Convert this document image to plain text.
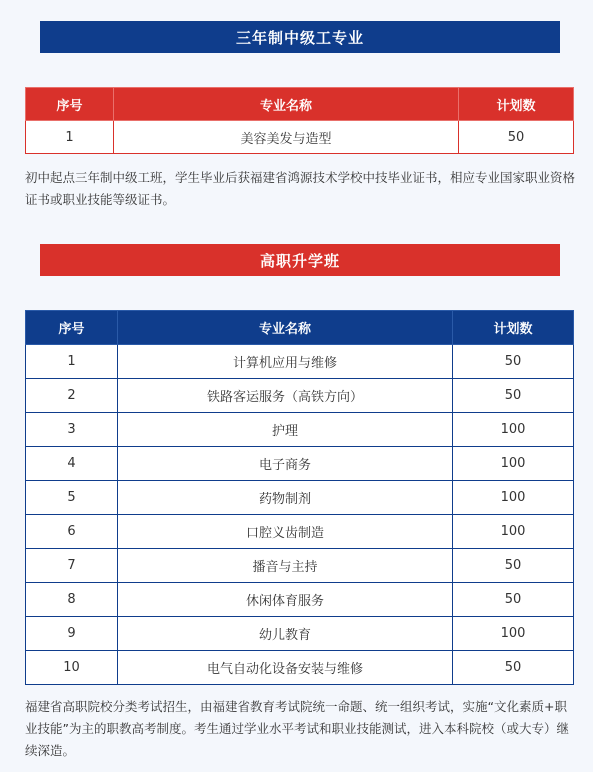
三年制中级工专业
序号	专业名称	计划数
1	美容美发与造型	50

初中起点三年制中级工班，学生毕业后获福建省鸿源技术学校中技毕业证书，相应专业国家职业资格证书或职业技能等级证书。

高职升学班
序号	专业名称	计划数
1	计算机应用与维修	50
2	铁路客运服务（高铁方向）	50
3	护理	100
4	电子商务	100
5	药物制剂	100
6	口腔义齿制造	100
7	播音与主持	50
8	休闲体育服务	50
9	幼儿教育	100
10	电气自动化设备安装与维修	50

福建省高职院校分类考试招生，由福建省教育考试院统一命题、统一组织考试，实施“文化素质+职业技能”为主的职教高考制度。考生通过学业水平考试和职业技能测试，进入本科院校（或大专）继续深造。
